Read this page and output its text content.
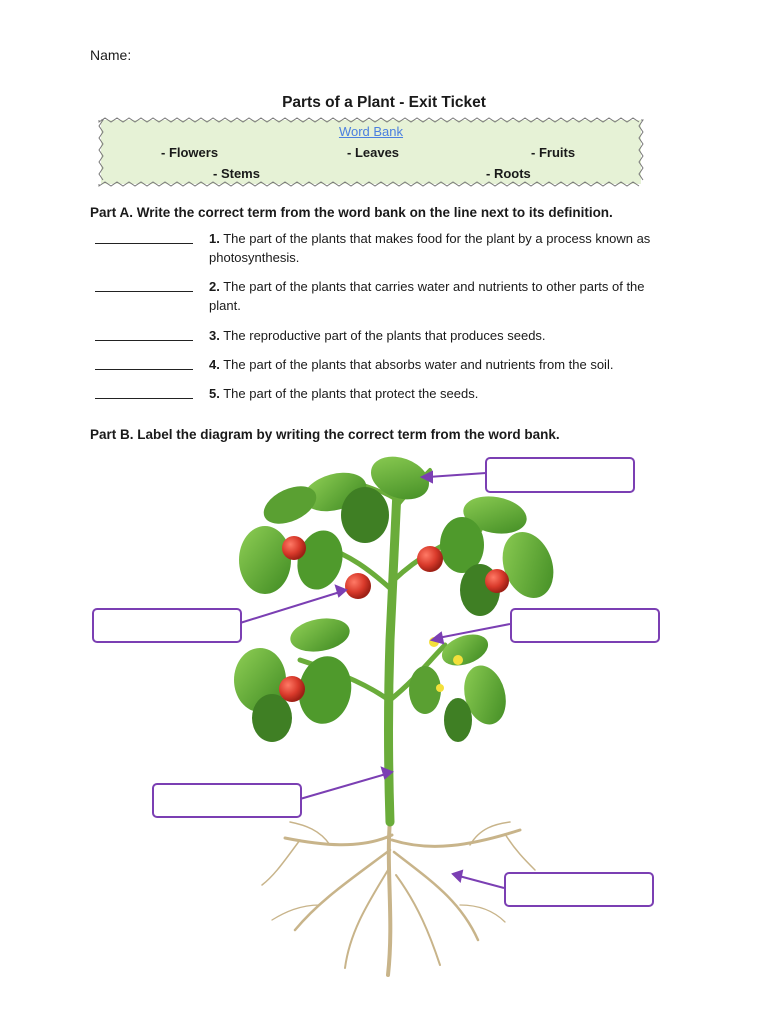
Name:
Parts of a Plant - Exit Ticket
Word Bank
- Flowers	- Leaves	- Fruits
- Stems	- Roots
Part A. Write the correct term from the word bank on the line next to its definition.
1. The part of the plants that makes food for the plant by a process known as photosynthesis.
2. The part of the plants that carries water and nutrients to other parts of the plant.
3. The reproductive part of the plants that produces seeds.
4. The part of the plants that absorbs water and nutrients from the soil.
5. The part of the plants that protect the seeds.
Part B. Label the diagram by writing the correct term from the word bank.
